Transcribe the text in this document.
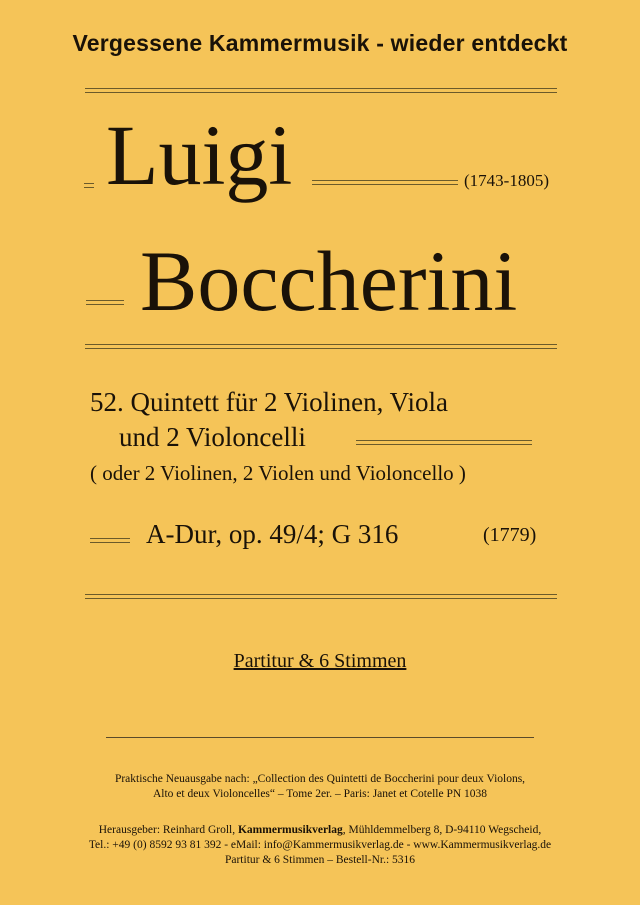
Vergessene Kammermusik - wieder entdeckt
Luigi	(1743-1805)
Boccherini
52. Quintett für 2 Violinen, Viola
und 2 Violoncelli
( oder 2 Violinen, 2 Violen und Violoncello )
A-Dur, op. 49/4; G 316	(1779)
Partitur & 6 Stimmen
Praktische Neuausgabe nach: „Collection des Quintetti de Boccherini pour deux Violons,
Alto et deux Violoncelles“ – Tome 2er. – Paris: Janet et Cotelle PN 1038
Herausgeber: Reinhard Groll, Kammermusikverlag, Mühldemmelberg 8, D-94110 Wegscheid,
Tel.: +49 (0) 8592 93 81 392 - eMail: info@Kammermusikverlag.de - www.Kammermusikverlag.de
Partitur & 6 Stimmen – Bestell-Nr.: 5316
